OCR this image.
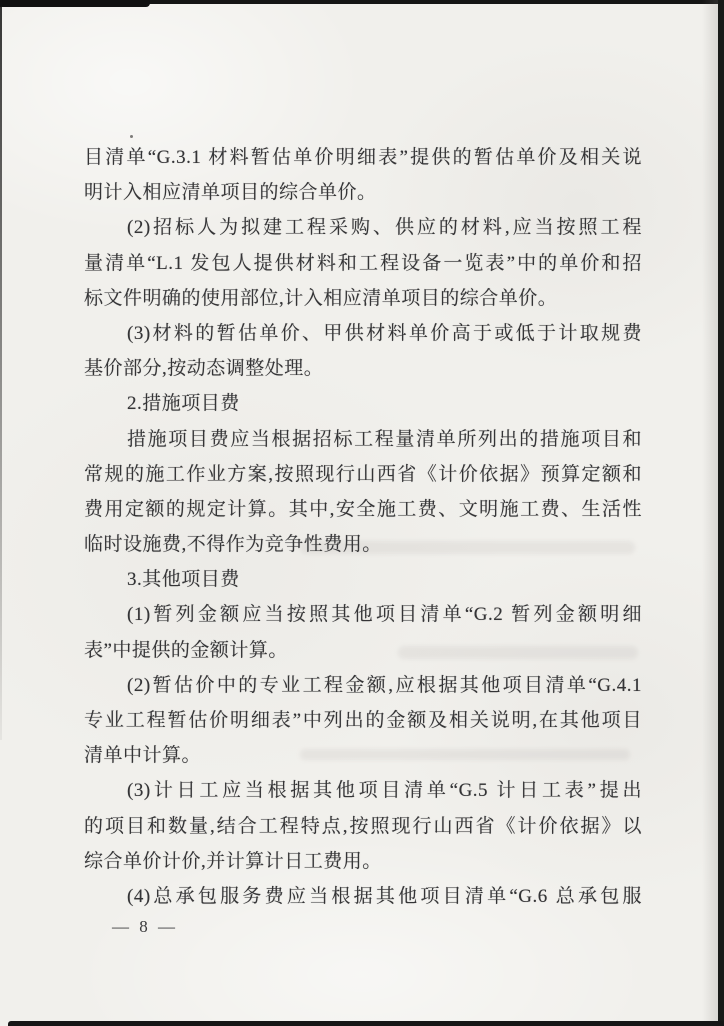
目清单“G.3.1 材料暂估单价明细表”提供的暂估单价及相关说
明计入相应清单项目的综合单价。
(2)招标人为拟建工程采购、供应的材料,应当按照工程
量清单“L.1 发包人提供材料和工程设备一览表”中的单价和招
标文件明确的使用部位,计入相应清单项目的综合单价。
(3)材料的暂估单价、甲供材料单价高于或低于计取规费
基价部分,按动态调整处理。
2.措施项目费
措施项目费应当根据招标工程量清单所列出的措施项目和
常规的施工作业方案,按照现行山西省《计价依据》预算定额和
费用定额的规定计算。其中,安全施工费、文明施工费、生活性
临时设施费,不得作为竞争性费用。
3.其他项目费
(1)暂列金额应当按照其他项目清单“G.2 暂列金额明细
表”中提供的金额计算。
(2)暂估价中的专业工程金额,应根据其他项目清单“G.4.1
专业工程暂估价明细表”中列出的金额及相关说明,在其他项目
清单中计算。
(3)计日工应当根据其他项目清单“G.5 计日工表”提出
的项目和数量,结合工程特点,按照现行山西省《计价依据》以
综合单价计价,并计算计日工费用。
(4)总承包服务费应当根据其他项目清单“G.6 总承包服
— 8 —
